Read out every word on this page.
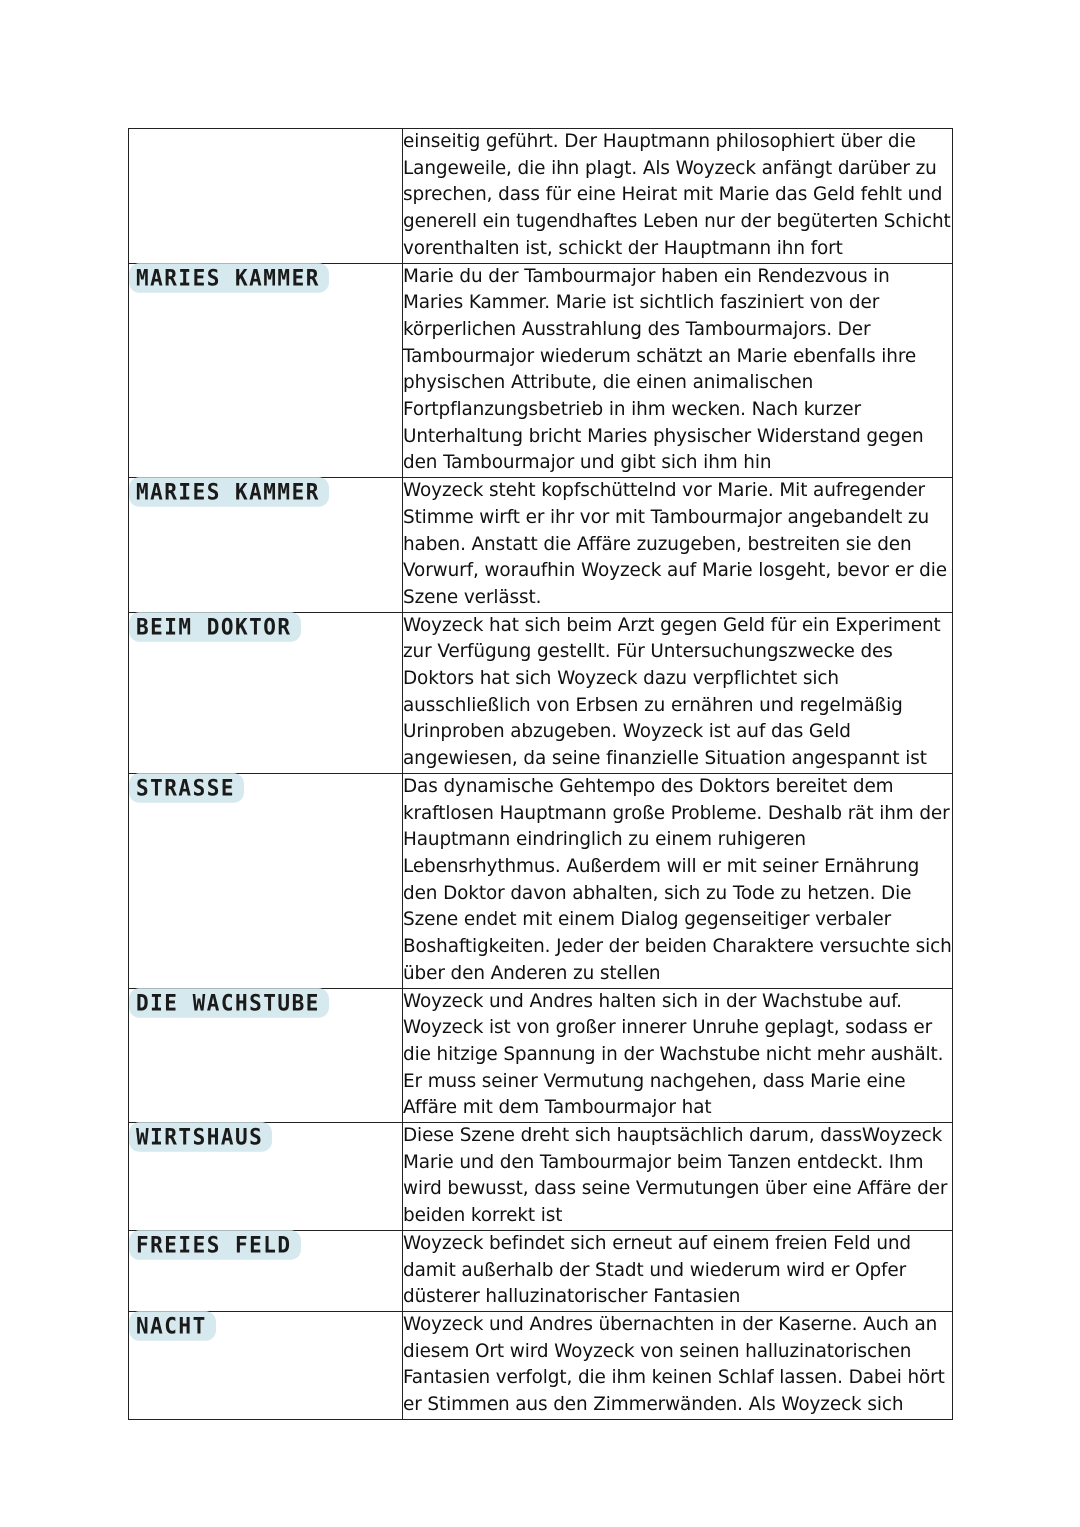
	einseitig geführt. Der Hauptmann philosophiert über die Langeweile, die ihn plagt. Als Woyzeck anfängt darüber zu sprechen, dass für eine Heirat mit Marie das Geld fehlt und generell ein tugendhaftes Leben nur der begüterten Schicht vorenthalten ist, schickt der Hauptmann ihn fort

MARIES KAMMER	Marie du der Tambourmajor haben ein Rendezvous in Maries Kammer. Marie ist sichtlich fasziniert von der körperlichen Ausstrahlung des Tambourmajors. Der Tambourmajor wiederum schätzt an Marie ebenfalls ihre physischen Attribute, die einen animalischen Fortpflanzungsbetrieb in ihm wecken. Nach kurzer Unterhaltung bricht Maries physischer Widerstand gegen den Tambourmajor und gibt sich ihm hin

MARIES KAMMER	Woyzeck steht kopfschüttelnd vor Marie. Mit aufregender Stimme wirft er ihr vor mit Tambourmajor angebandelt zu haben. Anstatt die Affäre zuzugeben, bestreiten sie den Vorwurf, woraufhin Woyzeck auf Marie losgeht, bevor er die Szene verlässt.

BEIM DOKTOR	Woyzeck hat sich beim Arzt gegen Geld für ein Experiment zur Verfügung gestellt. Für Untersuchungszwecke des Doktors hat sich Woyzeck dazu verpflichtet sich ausschließlich von Erbsen zu ernähren und regelmäßig Urinproben abzugeben. Woyzeck ist auf das Geld angewiesen, da seine finanzielle Situation angespannt ist

STRASSE	Das dynamische Gehtempo des Doktors bereitet dem kraftlosen Hauptmann große Probleme. Deshalb rät ihm der Hauptmann eindringlich zu einem ruhigeren Lebensrhythmus. Außerdem will er mit seiner Ernährung den Doktor davon abhalten, sich zu Tode zu hetzen. Die Szene endet mit einem Dialog gegenseitiger verbaler Boshaftigkeiten. Jeder der beiden Charaktere versuchte sich über den Anderen zu stellen

DIE WACHSTUBE	Woyzeck und Andres halten sich in der Wachstube auf. Woyzeck ist von großer innerer Unruhe geplagt, sodass er die hitzige Spannung in der Wachstube nicht mehr aushält. Er muss seiner Vermutung nachgehen, dass Marie eine Affäre mit dem Tambourmajor hat

WIRTSHAUS	Diese Szene dreht sich hauptsächlich darum, dassWoyzeck Marie und den Tambourmajor beim Tanzen entdeckt. Ihm wird bewusst, dass seine Vermutungen über eine Affäre der beiden korrekt ist

FREIES FELD	Woyzeck befindet sich erneut auf einem freien Feld und damit außerhalb der Stadt und wiederum wird er Opfer düsterer halluzinatorischer Fantasien

NACHT	Woyzeck und Andres übernachten in der Kaserne. Auch an diesem Ort wird Woyzeck von seinen halluzinatorischen Fantasien verfolgt, die ihm keinen Schlaf lassen. Dabei hört er Stimmen aus den Zimmerwänden. Als Woyzeck sich
